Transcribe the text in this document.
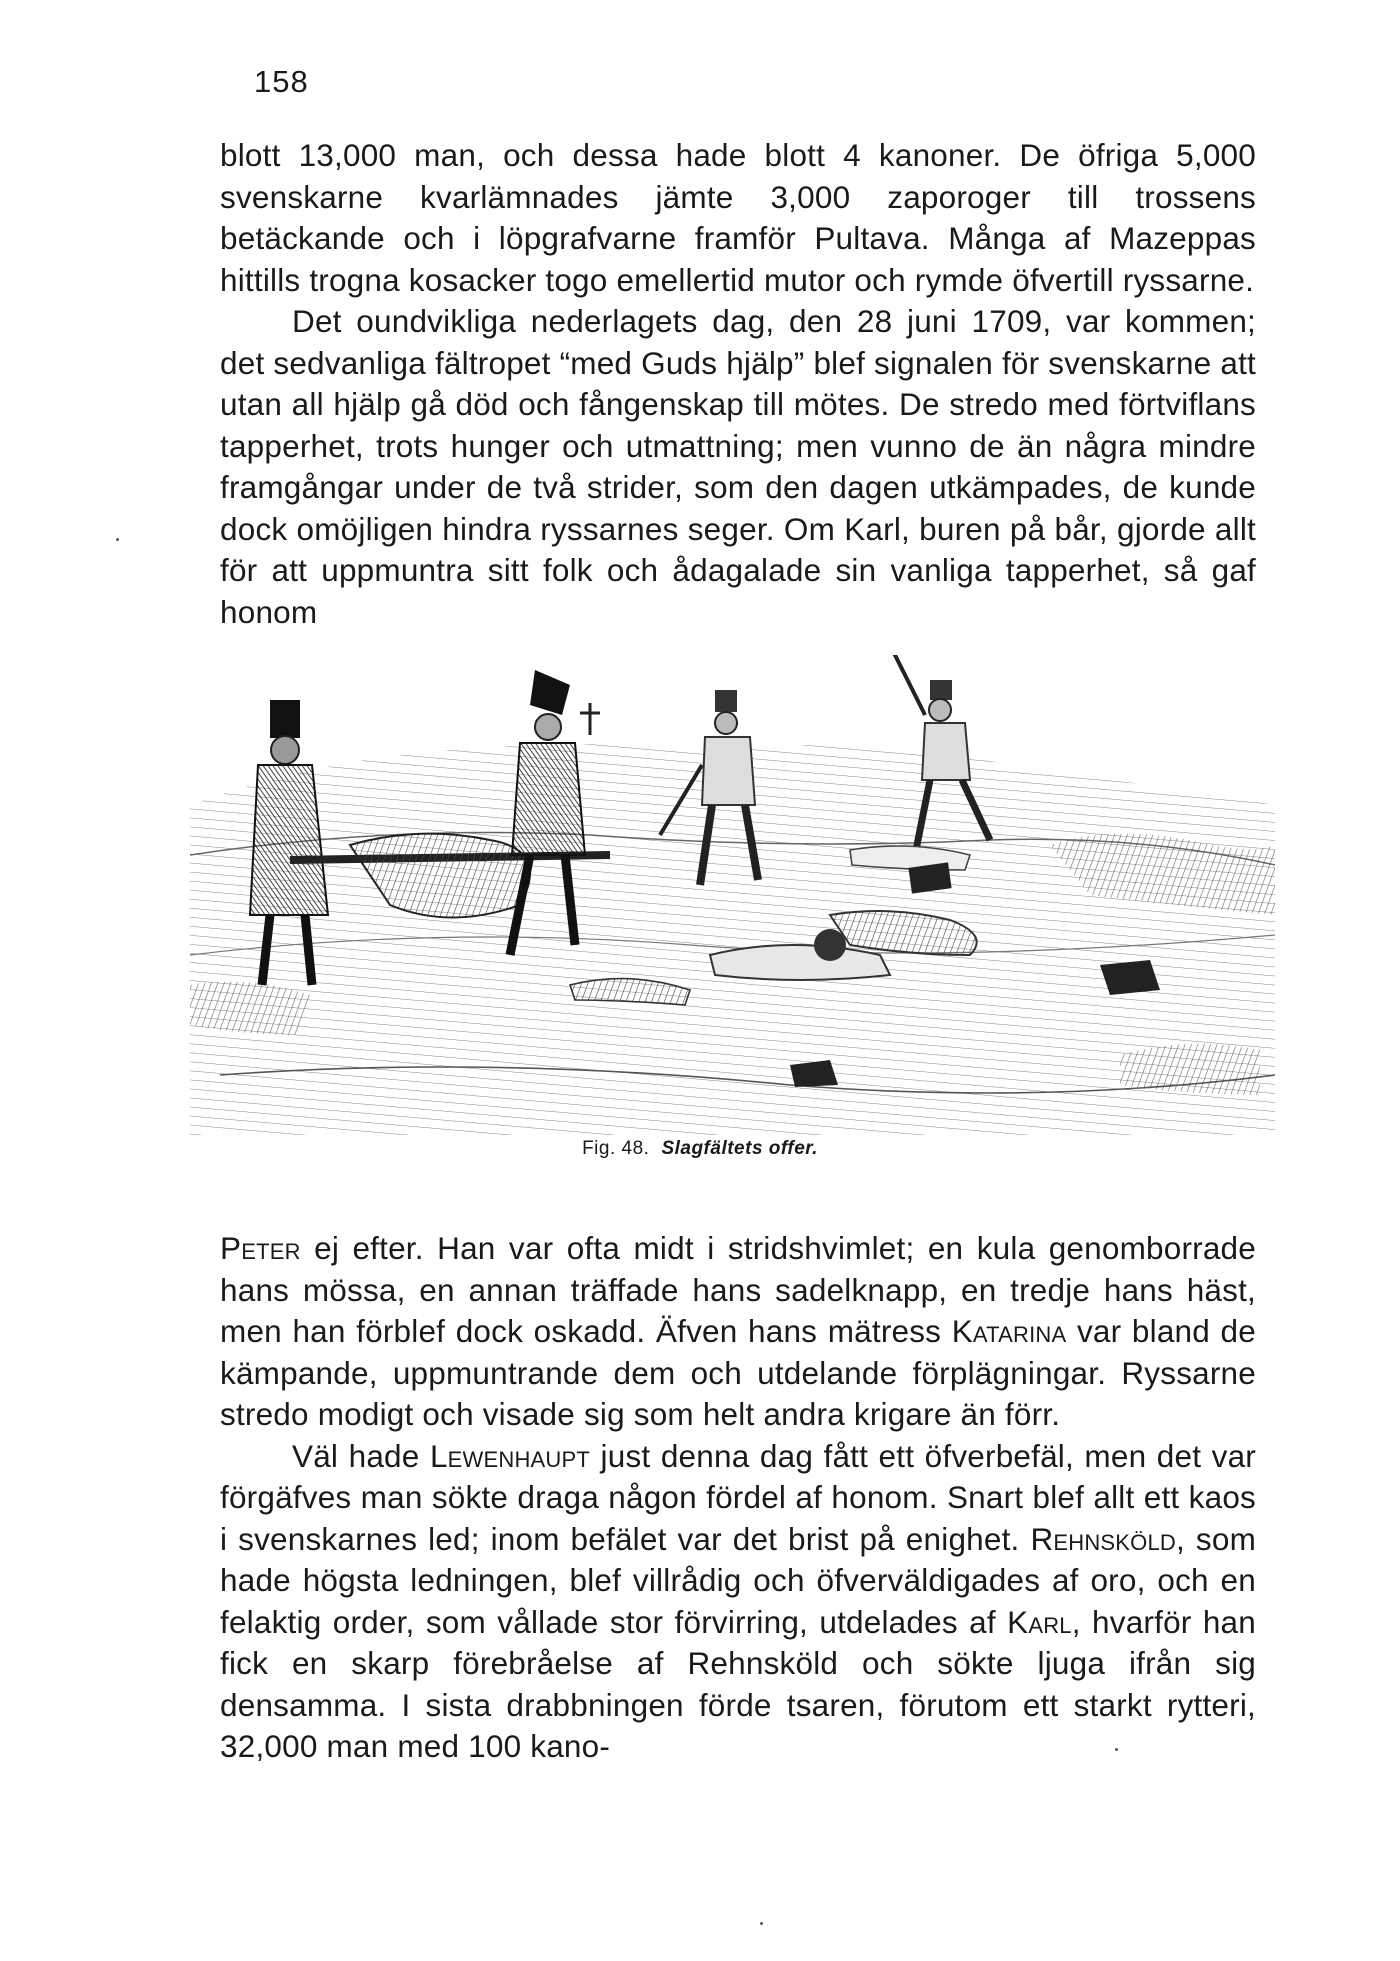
158

blott 13,000 man, och dessa hade blott 4 kanoner. De öfriga 5,000 svenskarne kvarlämnades jämte 3,000 zaporoger till trossens betäckande och i löpgrafvarne framför Pultava. Många af Mazeppas hittills trogna kosacker togo emellertid mutor och rymde öfvertill ryssarne.

Det oundvikliga nederlagets dag, den 28 juni 1709, var kommen; det sedvanliga fältropet “med Guds hjälp” blef signalen för svenskarne att utan all hjälp gå död och fångenskap till mötes. De stredo med förtviflans tapperhet, trots hunger och utmattning; men vunno de än några mindre framgångar under de två strider, som den dagen utkämpades, de kunde dock omöjligen hindra ryssarnes seger. Om Karl, buren på bår, gjorde allt för att uppmuntra sitt folk och ådagalade sin vanliga tapperhet, så gaf honom

Fig. 48. Slagfältets offer.

Peter ej efter. Han var ofta midt i stridshvimlet; en kula genomborrade hans mössa, en annan träffade hans sadelknapp, en tredje hans häst, men han förblef dock oskadd. Äfven hans mätress Katarina var bland de kämpande, uppmuntrande dem och utdelande förplägningar. Ryssarne stredo modigt och visade sig som helt andra krigare än förr.

Väl hade Lewenhaupt just denna dag fått ett öfverbefäl, men det var förgäfves man sökte draga någon fördel af honom. Snart blef allt ett kaos i svenskarnes led; inom befälet var det brist på enighet. Rehnsköld, som hade högsta ledningen, blef villrådig och öfverväldigades af oro, och en felaktig order, som vållade stor förvirring, utdelades af Karl, hvarför han fick en skarp förebråelse af Rehnsköld och sökte ljuga ifrån sig densamma. I sista drabbningen förde tsaren, förutom ett starkt rytteri, 32,000 man med 100 kano-
